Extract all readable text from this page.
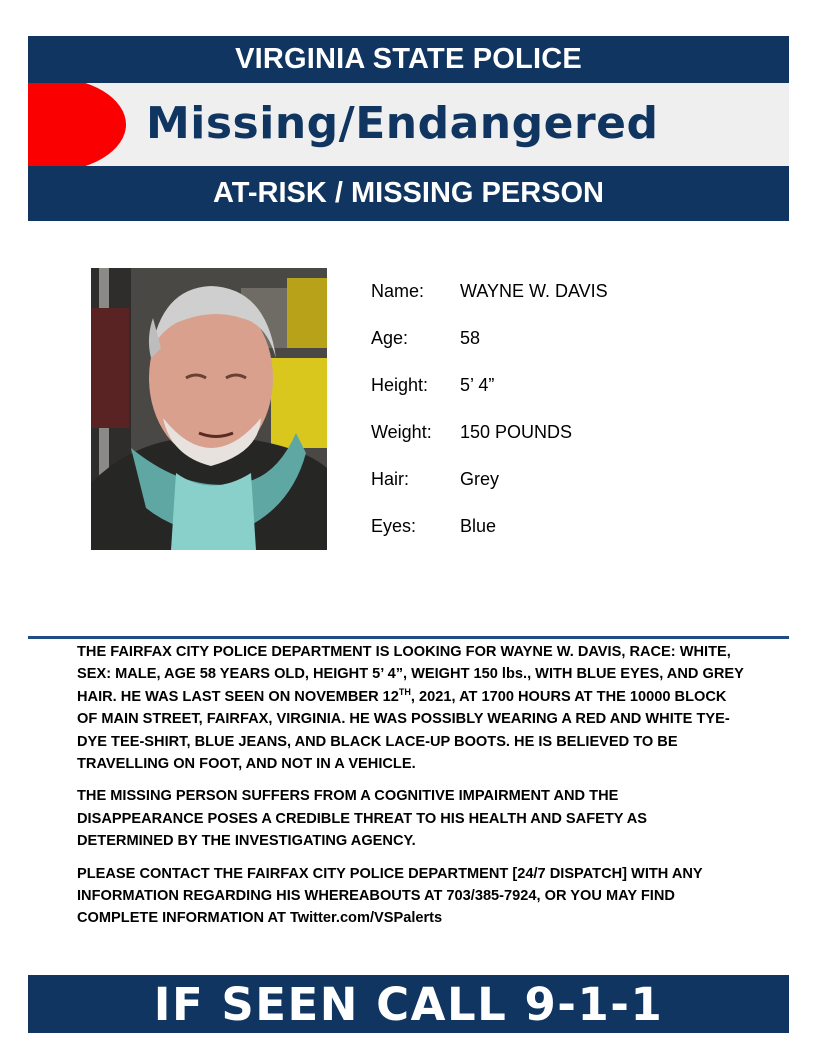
VIRGINIA STATE POLICE
Missing/Endangered
AT-RISK / MISSING PERSON
Name: WAYNE W. DAVIS
Age:	58
Height: 5’ 4”
Weight: 150 POUNDS
Hair:	Grey
Eyes: Blue

THE FAIRFAX CITY POLICE DEPARTMENT IS LOOKING FOR WAYNE W. DAVIS, RACE: WHITE, SEX: MALE, AGE 58 YEARS OLD, HEIGHT 5’ 4”, WEIGHT 150 lbs., WITH BLUE EYES, AND GREY HAIR. HE WAS LAST SEEN ON NOVEMBER 12TH, 2021, AT 1700 HOURS AT THE 10000 BLOCK OF MAIN STREET, FAIRFAX, VIRGINIA. HE WAS POSSIBLY WEARING A RED AND WHITE TYE-DYE TEE-SHIRT, BLUE JEANS, AND BLACK LACE-UP BOOTS. HE IS BELIEVED TO BE TRAVELLING ON FOOT, AND NOT IN A VEHICLE.

THE MISSING PERSON SUFFERS FROM A COGNITIVE IMPAIRMENT AND THE DISAPPEARANCE POSES A CREDIBLE THREAT TO HIS HEALTH AND SAFETY AS DETERMINED BY THE INVESTIGATING AGENCY.

PLEASE CONTACT THE FAIRFAX CITY POLICE DEPARTMENT [24/7 DISPATCH] WITH ANY INFORMATION REGARDING HIS WHEREABOUTS AT 703/385-7924, OR YOU MAY FIND COMPLETE INFORMATION AT Twitter.com/VSPalerts

IF SEEN CALL 9-1-1
